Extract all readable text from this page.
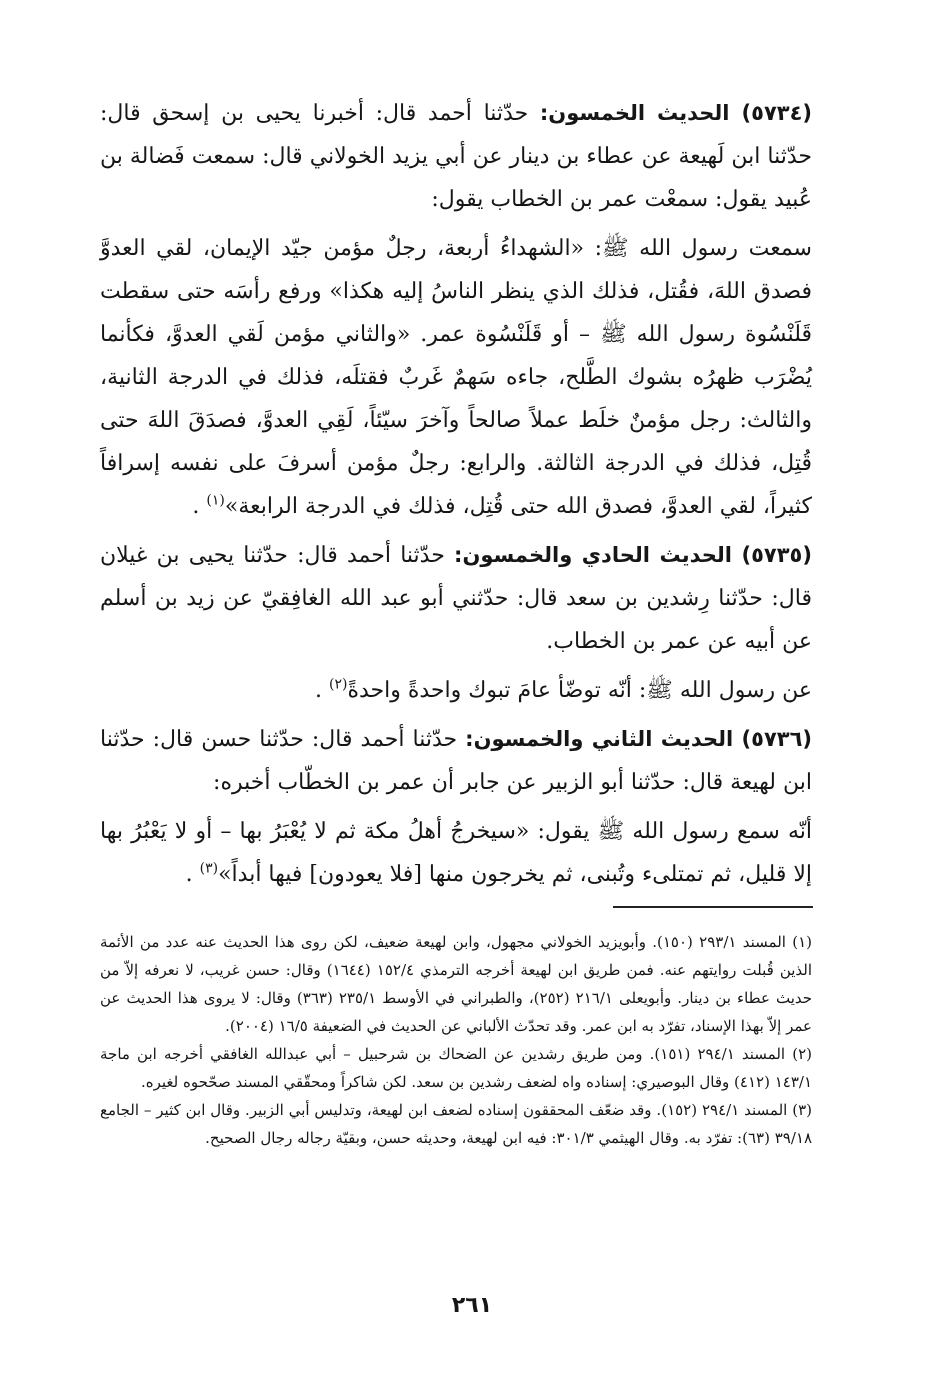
(٥٧٣٤) الحديث الخمسون: حدّثنا أحمد قال: أخبرنا يحيى بن إسحق قال: حدّثنا ابن لَهيعة عن عطاء بن دينار عن أبي يزيد الخولاني قال: سمعت فَضالة بن عُبيد يقول: سمعْت عمر بن الخطاب يقول:

سمعت رسول الله ﷺ: «الشهداءُ أربعة، رجلٌ مؤمن جيّد الإيمان، لقي العدوَّ فصدق اللهَ، فقُتل، فذلك الذي ينظر الناسُ إليه هكذا» ورفع رأسَه حتى سقطت قَلَنْسُوة رسول الله ﷺ – أو قَلَنْسُوة عمر. «والثاني مؤمن لَقي العدوَّ، فكأنما يُضْرَب ظهرُه بشوك الطَّلح، جاءه سَهمٌ غَربٌ فقتلَه، فذلك في الدرجة الثانية، والثالث: رجل مؤمنٌ خلَط عملاً صالحاً وآخرَ سيّئاً، لَقِي العدوَّ، فصدَقَ اللهَ حتى قُتِل، فذلك في الدرجة الثالثة. والرابع: رجلٌ مؤمن أسرفَ على نفسه إسرافاً كثيراً، لقي العدوَّ، فصدق الله حتى قُتِل، فذلك في الدرجة الرابعة»$^{(١)}$ .

(٥٧٣٥) الحديث الحادي والخمسون: حدّثنا أحمد قال: حدّثنا يحيى بن غيلان قال: حدّثنا رِشدين بن سعد قال: حدّثني أبو عبد الله الغافِقيّ عن زيد بن أسلم عن أبيه عن عمر بن الخطاب.

عن رسول الله ﷺ: أنّه توضّأ عامَ تبوك واحدةً واحدةً$^{(٢)}$ .

(٥٧٣٦) الحديث الثاني والخمسون: حدّثنا أحمد قال: حدّثنا حسن قال: حدّثنا ابن لهيعة قال: حدّثنا أبو الزبير عن جابر أن عمر بن الخطّاب أخبره:

أنّه سمع رسول الله ﷺ يقول: «سيخرجُ أهلُ مكة ثم لا يُعْبَرُ بها – أو لا يَعْبُرُ بها إلا قليل، ثم تمتلىء وتُبنى، ثم يخرجون منها [فلا يعودون] فيها أبداً»$^{(٣)}$ .

(١) المسند ٢٩٣/١ (١٥٠). وأبويزيد الخولاني مجهول، وابن لهيعة ضعيف، لكن روى هذا الحديث عنه عدد من الأئمة الذين قُبلت روايتهم عنه. فمن طريق ابن لهيعة أخرجه الترمذي ١٥٢/٤ (١٦٤٤) وقال: حسن غريب، لا نعرفه إلاّ من حديث عطاء بن دينار. وأبويعلى ٢١٦/١ (٢٥٢)، والطبراني في الأوسط ٢٣٥/١ (٣٦٣) وقال: لا يروى هذا الحديث عن عمر إلاّ بهذا الإسناد، تفرّد به ابن عمر. وقد تحدّث الألباني عن الحديث في الضعيفة ١٦/٥ (٢٠٠٤).

(٢) المسند ٢٩٤/١ (١٥١). ومن طريق رشدين عن الضحاك بن شرحبيل – أبي عبدالله الغافقي أخرجه ابن ماجة ١٤٣/١ (٤١٢) وقال البوصيري: إسناده واه لضعف رشدين بن سعد. لكن شاكراً ومحقّقي المسند صحّحوه لغيره.

(٣) المسند ٢٩٤/١ (١٥٢). وقد ضعّف المحققون إسناده لضعف ابن لهيعة، وتدليس أبي الزبير. وقال ابن كثير – الجامع ٣٩/١٨ (٦٣): تفرّد به. وقال الهيثمي ٣٠١/٣: فيه ابن لهيعة، وحديثه حسن، وبقيّة رجاله رجال الصحيح.

٢٦١
